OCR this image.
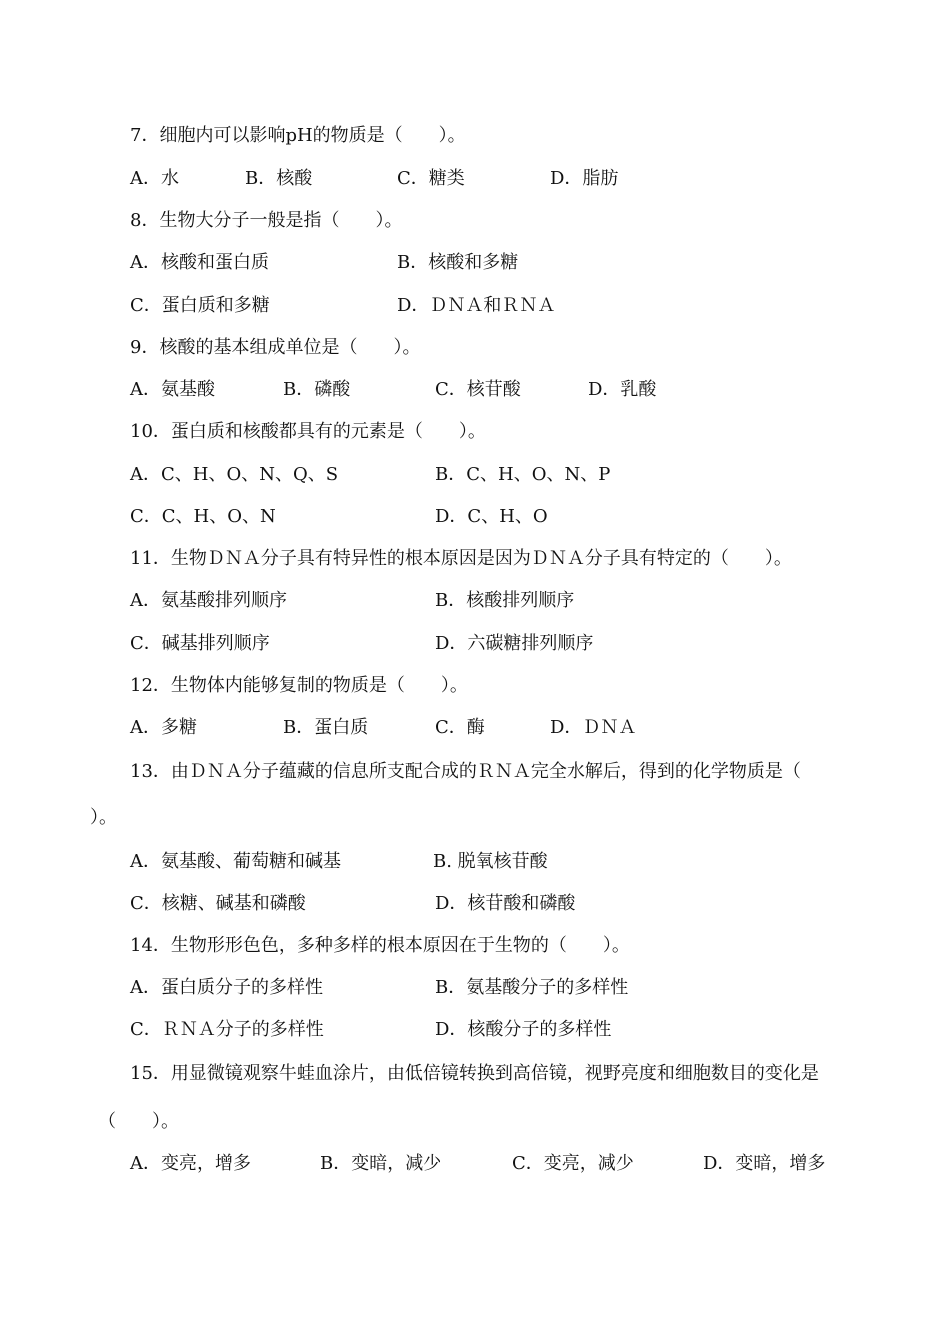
7．细胞内可以影响pH的物质是（　　）。
A．水	B．核酸	C．糖类	D．脂肪
8．生物大分子一般是指（　　）。
A．核酸和蛋白质	B．核酸和多糖
C．蛋白质和多糖	D．ＤＮＡ和ＲＮＡ
9．核酸的基本组成单位是（　　）。
A．氨基酸	B．磷酸	C．核苷酸	D．乳酸
10．蛋白质和核酸都具有的元素是（　　）。
A．C、H、O、N、Q、S	B．C、H、O、N、P
C．C、H、O、N	D．C、H、O
11．生物ＤＮＡ分子具有特异性的根本原因是因为ＤＮＡ分子具有特定的（　　）。
A．氨基酸排列顺序	B．核酸排列顺序
C．碱基排列顺序	D．六碳糖排列顺序
12．生物体内能够复制的物质是（　　）。
A．多糖	B．蛋白质	C．酶	D．ＤＮＡ
13．由ＤＮＡ分子蕴藏的信息所支配合成的ＲＮＡ完全水解后，得到的化学物质是（
）。
A．氨基酸、葡萄糖和碱基	B. 脱氧核苷酸
C．核糖、碱基和磷酸	D．核苷酸和磷酸
14．生物形形色色，多种多样的根本原因在于生物的（　　）。
A．蛋白质分子的多样性	B．氨基酸分子的多样性
C．ＲＮＡ分子的多样性	D．核酸分子的多样性
15．用显微镜观察牛蛙血涂片，由低倍镜转换到高倍镜，视野亮度和细胞数目的变化是
（　　）。
A．变亮，增多	B．变暗，减少	C．变亮，减少	D．变暗，增多
